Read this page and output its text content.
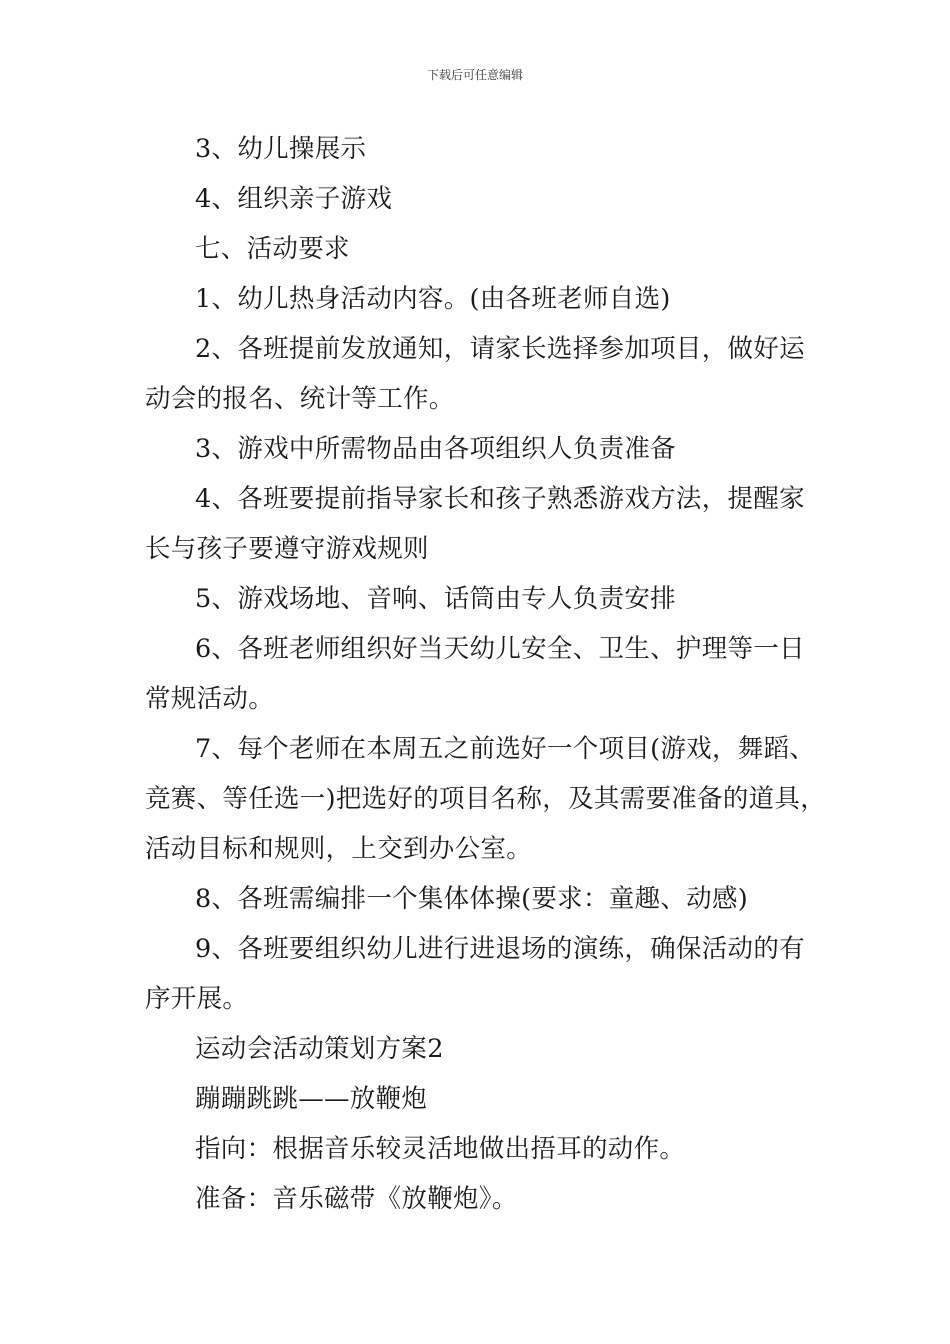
下载后可任意编辑
3、幼儿操展示
4、组织亲子游戏
七、活动要求
1、幼儿热身活动内容。(由各班老师自选)
2、各班提前发放通知，请家长选择参加项目，做好运
动会的报名、统计等工作。
3、游戏中所需物品由各项组织人负责准备
4、各班要提前指导家长和孩子熟悉游戏方法，提醒家
长与孩子要遵守游戏规则
5、游戏场地、音响、话筒由专人负责安排
6、各班老师组织好当天幼儿安全、卫生、护理等一日
常规活动。
7、每个老师在本周五之前选好一个项目(游戏，舞蹈、
竞赛、等任选一)把选好的项目名称，及其需要准备的道具，
活动目标和规则，上交到办公室。
8、各班需编排一个集体体操(要求：童趣、动感)
9、各班要组织幼儿进行进退场的演练，确保活动的有
序开展。
运动会活动策划方案2
蹦蹦跳跳——放鞭炮
指向：根据音乐较灵活地做出捂耳的动作。
准备：音乐磁带《放鞭炮》。
